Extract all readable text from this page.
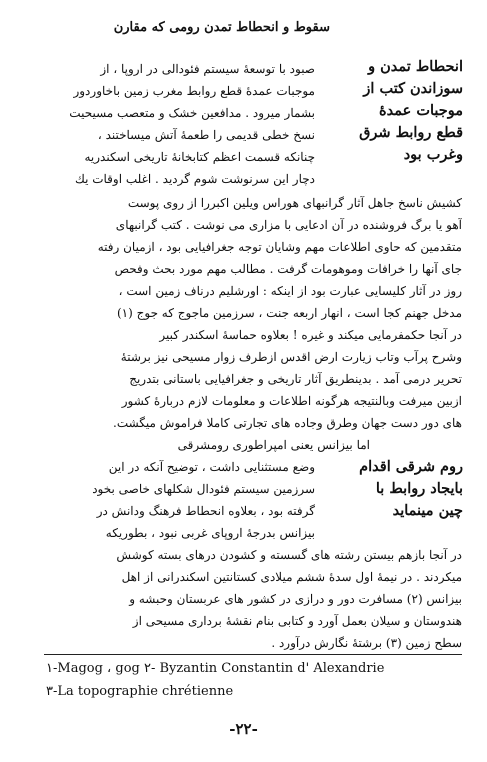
سقوط و انحطاط تمدن رومی که مقارن
انحطاط تمدن و
سوزاندن کتب از
موجبات عمدهٔ
قطع روابط شرق
وغرب بود
صبود با توسعهٔ سیستم فئودالی در اروپا ، از
موجبات عمدهٔ قطع روابط مغرب زمین باخاوردور
بشمار میرود . مدافعین خشک و متعصب مسیحیت
نسخ خطی قدیمی را طعمهٔ آتش میساختند ،
چنانکه قسمت اعظم کتابخانهٔ تاریخی اسکندریه
دچار این سرنوشت شوم گردید . اغلب اوقات یك
کشیش ناسخ جاهل آثار گرانبهای هوراس ویلین اکبررا از روی پوست
آهو یا برگ فروشنده در آن ادعایی با مزاری می نوشت . کتب گرانبهای
متقدمین که حاوی اطلاعات مهم وشایان توجه جغرافیایی بود ، ازمیان رفته
جای آنها را خرافات وموهومات گرفت . مطالب مهم مورد بحث وفحص
روز در آثار کلیسایی عبارت بود از اینکه : اورشلیم درناف زمین است ،
مدخل جهنم کجا است ، انهار اربعه جنت ، سرزمین ماجوج که جوج (۱)
در آنجا حکمفرمایی میکند و غیره ! بعلاوه حماسهٔ اسکندر کبیر
وشرح پرآب وتاب زیارت ارض اقدس ازطرف زوار مسیحی نیز برشتهٔ
تحریر درمی آمد . بدینطریق آثار تاریخی و جغرافیایی باستانی بتدریج
ازبین میرفت وبالنتیجه هرگونه اطلاعات و معلومات لازم دربارهٔ کشور
های دور دست جهان وطرق وجاده های تجارتی کاملا فراموش میگشت.
اما بیزانس یعنی امپراطوری رومشرقی
روم شرقی اقدام
بایجاد روابط با
چین مینماید
وضع مستثنایی داشت ، توضیح آنکه در این
سرزمین سیستم فئودال شکلهای خاصی بخود
گرفته بود ، بعلاوه انحطاط فرهنگ ودانش در
بیزانس بدرجهٔ اروپای غربی نبود ، بطوریکه
در آنجا بازهم بیستن رشته های گسسته و کشودن درهای بسته کوشش
میکردند . در نیمهٔ اول سدهٔ ششم میلادی کستانتین اسکندرانی از اهل
بیزانس (۲) مسافرت دور و درازی در کشور های عربستان وحبشه و
هندوستان و سیلان بعمل آورد و کتابی بنام نقشهٔ برداری مسیحی از
سطح زمین (۳) برشتهٔ نگارش درآورد .
١-Magog ، gog ٢- Byzantin Constantin d' Alexandrie
٣-La topographie chrétienne
-٢٢-
